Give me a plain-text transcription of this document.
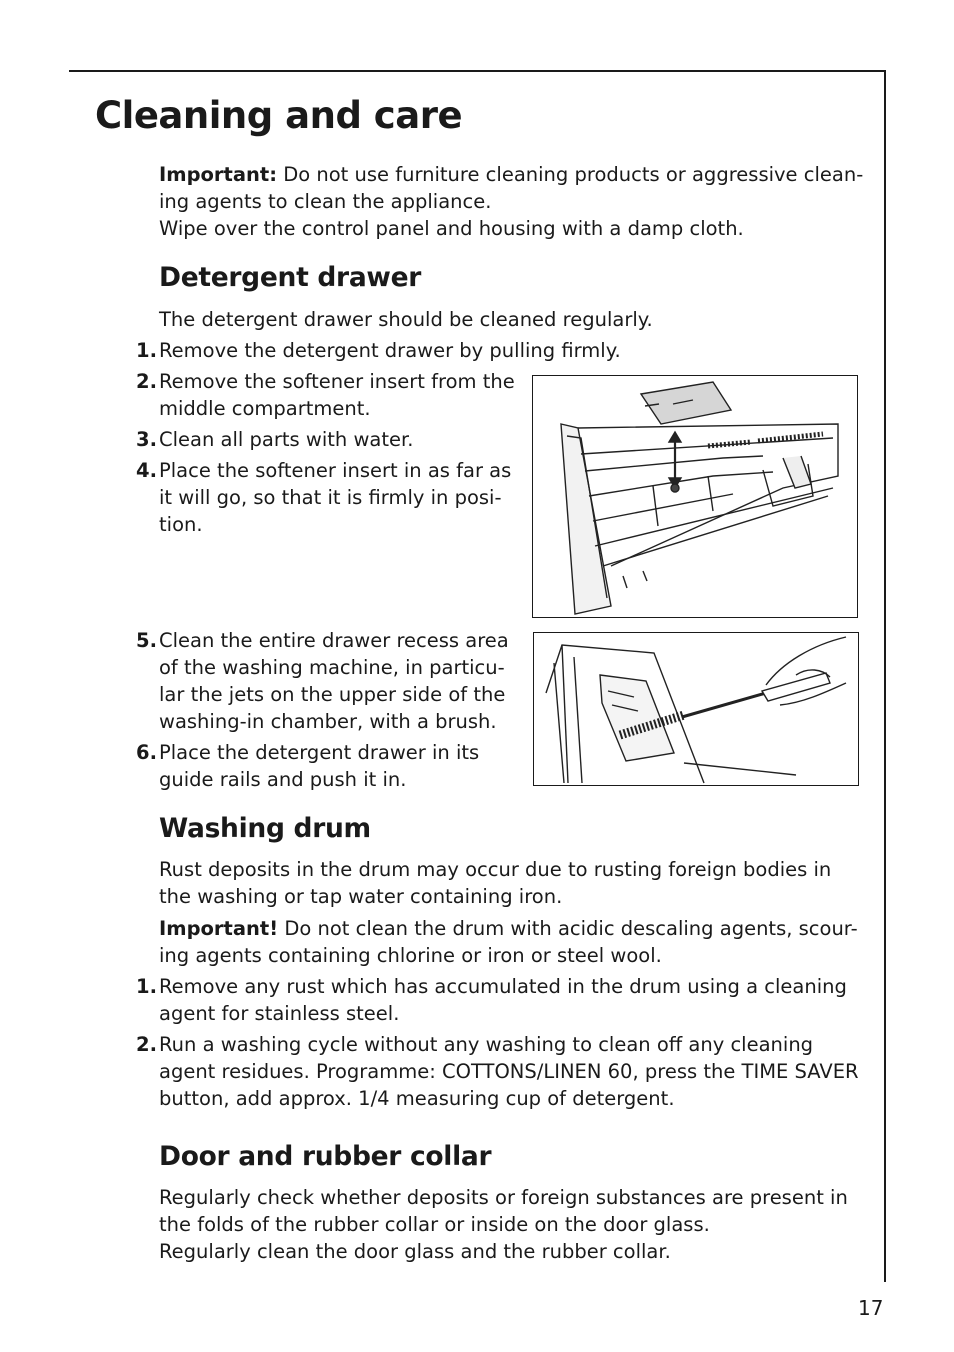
Cleaning and care

Important: Do not use furniture cleaning products or aggressive clean-

ing agents to clean the appliance.

Wipe over the control panel and housing with a damp cloth.

Detergent drawer

The detergent drawer should be cleaned regularly.

1. Remove the detergent drawer by pulling firmly.
2. Remove the softener insert from the
middle compartment.
3. Clean all parts with water.
4. Place the softener insert in as far as
it will go, so that it is firmly in posi-
tion.
5. Clean the entire drawer recess area
of the washing machine, in particu-
lar the jets on the upper side of the
washing-in chamber, with a brush.
6. Place the detergent drawer in its
guide rails and push it in.
Washing drum

Rust deposits in the drum may occur due to rusting foreign bodies in

the washing or tap water containing iron.

Important! Do not clean the drum with acidic descaling agents, scour-

ing agents containing chlorine or iron or steel wool.

1. Remove any rust which has accumulated in the drum using a cleaning
agent for stainless steel.
2. Run a washing cycle without any washing to clean off any cleaning
agent residues. Programme: COTTONS/LINEN 60, press the TIME SAVER
button, add approx. 1/4 measuring cup of detergent.
Door and rubber collar

Regularly check whether deposits or foreign substances are present in

the folds of the rubber collar or inside on the door glass.

Regularly clean the door glass and the rubber collar.

17
